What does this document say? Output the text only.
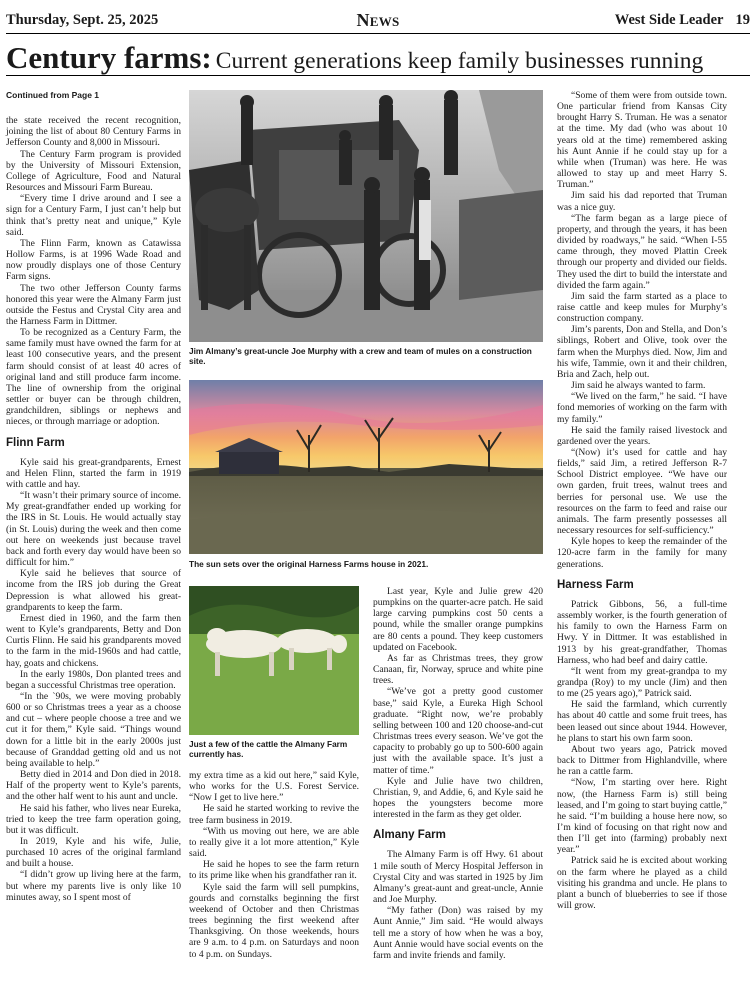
Thursday, Sept. 25, 2025	News	West Side Leader 19
Century farms: Current generations keep family businesses running
Continued from Page 1

the state received the recent recognition, joining the list of about 80 Century Farms in Jefferson County and 8,000 in Missouri.

The Century Farm program is provided by the University of Missouri Extension, College of Agriculture, Food and Natural Resources and Missouri Farm Bureau.

“Every time I drive around and I see a sign for a Century Farm, I just can’t help but think that’s pretty neat and unique,” Kyle said.

The Flinn Farm, known as Catawissa Hollow Farms, is at 1996 Wade Road and now proudly displays one of those Century Farm signs.

The two other Jefferson County farms honored this year were the Almany Farm just outside the Festus and Crystal City area and the Harness Farm in Dittmer.

To be recognized as a Century Farm, the same family must have owned the farm for at least 100 consecutive years, and the present farm should consist of at least 40 acres of original land and still produce farm income. The line of ownership from the original settler or buyer can be through children, grandchildren, siblings or nephews and nieces, or through marriage or adoption.

Flinn Farm

Kyle said his great-grandparents, Ernest and Helen Flinn, started the farm in 1919 with cattle and hay.

“It wasn’t their primary source of income. My great-grandfather ended up working for the IRS in St. Louis. He would actually stay (in St. Louis) during the week and then come out here on weekends just because travel back and forth every day would have been so difficult for him.”

Kyle said he believes that source of income from the IRS job during the Great Depression is what allowed his great-grandparents to keep the farm.

Ernest died in 1960, and the farm then went to Kyle’s grandparents, Betty and Don Curtis Flinn. He said his grandparents moved to the farm in the mid-1960s and had cattle, hay, goats and chickens.

In the early 1980s, Don planted trees and began a successful Christmas tree operation.

“In the `90s, we were moving probably 600 or so Christmas trees a year as a choose and cut – where people choose a tree and we cut it for them,” Kyle said. “Things wound down for a little bit in the early 2000s just because of Granddad getting old and us not being available to help.”

Betty died in 2014 and Don died in 2018. Half of the property went to Kyle’s parents, and the other half went to his aunt and uncle.

He said his father, who lives near Eureka, tried to keep the tree farm operation going, but it was difficult.

In 2019, Kyle and his wife, Julie, purchased 10 acres of the original farmland and built a house.

“I didn’t grow up living here at the farm, but where my parents live is only like 10 minutes away, so I spent most of

Jim Almany’s great-uncle Joe Murphy with a crew and team of mules on a construction site.
The sun sets over the original Harness Farms house in 2021.
Just a few of the cattle the Almany Farm currently has.

my extra time as a kid out here,” said Kyle, who works for the U.S. Forest Service. “Now I get to live here.”

He said he started working to revive the tree farm business in 2019.

“With us moving out here, we are able to really give it a lot more attention,” Kyle said.

He said he hopes to see the farm return to its prime like when his grandfather ran it.

Kyle said the farm will sell pumpkins, gourds and cornstalks beginning the first weekend of October and then Christmas trees beginning the first weekend after Thanksgiving. On those weekends, hours are 9 a.m. to 4 p.m. on Saturdays and noon to 4 p.m. on Sundays.

Last year, Kyle and Julie grew 420 pumpkins on the quarter-acre patch. He said large carving pumpkins cost 50 cents a pound, while the smaller orange pumpkins are 80 cents a pound. They keep customers updated on Facebook.

As far as Christmas trees, they grow Canaan, fir, Norway, spruce and white pine trees.

“We’ve got a pretty good customer base,” said Kyle, a Eureka High School graduate. “Right now, we’re probably selling between 100 and 120 choose-and-cut Christmas trees every season. We’ve got the capacity to probably go up to 500-600 again just with the available space. It’s just a matter of time.”

Kyle and Julie have two children, Christian, 9, and Addie, 6, and Kyle said he hopes the youngsters become more interested in the farm as they get older.

Almany Farm

The Almany Farm is off Hwy. 61 about 1 mile south of Mercy Hospital Jefferson in Crystal City and was started in 1925 by Jim Almany’s great-aunt and great-uncle, Annie and Joe Murphy.

“My father (Don) was raised by my Aunt Annie,” Jim said. “He would always tell me a story of how when he was a boy, Aunt Annie would have social events on the farm and invite friends and family.

“Some of them were from outside town. One particular friend from Kansas City brought Harry S. Truman. He was a senator at the time. My dad (who was about 10 years old at the time) remembered asking his Aunt Annie if he could stay up for a while when (Truman) was here. He was allowed to stay up and meet Harry S. Truman.”

Jim said his dad reported that Truman was a nice guy.

“The farm began as a large piece of property, and through the years, it has been divided by roadways,” he said. “When I-55 came through, they moved Plattin Creek through our property and divided our fields. They used the dirt to build the interstate and divided the farm again.”

Jim said the farm started as a place to raise cattle and keep mules for Murphy’s construction company.

Jim’s parents, Don and Stella, and Don’s siblings, Robert and Olive, took over the farm when the Murphys died. Now, Jim and his wife, Tammie, own it and their children, Bria and Zach, help out.

Jim said he always wanted to farm.

“We lived on the farm,” he said. “I have fond memories of working on the farm with my family.”

He said the family raised livestock and gardened over the years.

“(Now) it’s used for cattle and hay fields,” said Jim, a retired Jefferson R-7 School District employee. “We have our own garden, fruit trees, walnut trees and berries for personal use. We use the resources on the farm to feed and raise our animals. The farm presently possesses all necessary resources for self-sufficiency.”

Kyle hopes to keep the remainder of the 120-acre farm in the family for many generations.

Harness Farm

Patrick Gibbons, 56, a full-time assembly worker, is the fourth generation of his family to own the Harness Farm on Hwy. Y in Dittmer. It was established in 1913 by his great-grandfather, Thomas Harness, who had beef and dairy cattle.

“It went from my great-grandpa to my grandpa (Roy) to my uncle (Jim) and then to me (25 years ago),” Patrick said.

He said the farmland, which currently has about 40 cattle and some fruit trees, has been leased out since about 1944. However, he plans to start his own farm soon.

About two years ago, Patrick moved back to Dittmer from Highlandville, where he ran a cattle farm.

“Now, I’m starting over here. Right now, (the Harness Farm is) still being leased, and I’m going to start buying cattle,” he said. “I’m building a house here now, so I’m kind of focusing on that right now and then I’ll get into (farming) probably next year.”

Patrick said he is excited about working on the farm where he played as a child visiting his grandma and uncle. He plans to plant a bunch of blueberries to see if those will grow.
